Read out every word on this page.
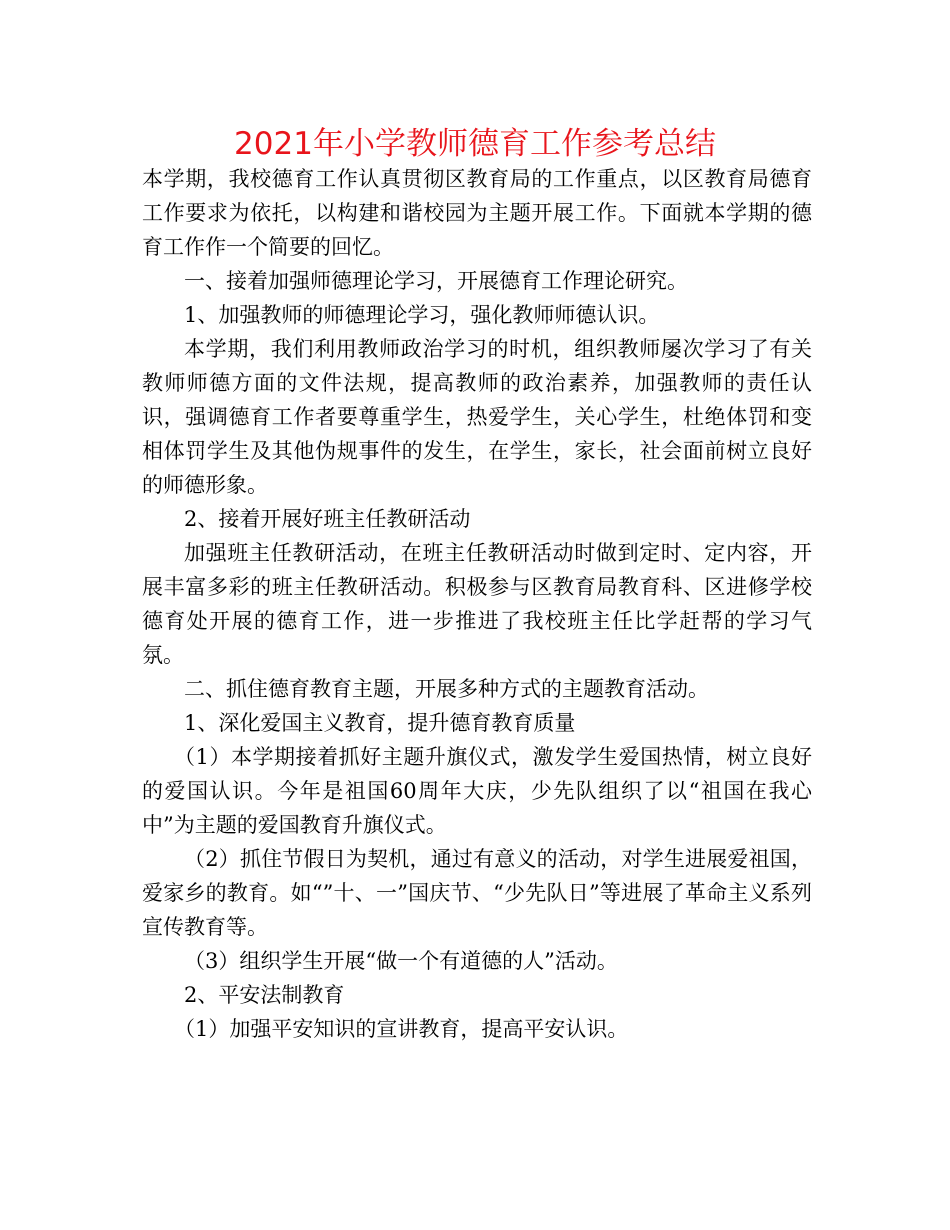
2021年小学教师德育工作参考总结

本学期，我校德育工作认真贯彻区教育局的工作重点，以区教育局德育工作要求为依托，以构建和谐校园为主题开展工作。下面就本学期的德育工作作一个简要的回忆。

一、接着加强师德理论学习，开展德育工作理论研究。

1、加强教师的师德理论学习，强化教师师德认识。

本学期，我们利用教师政治学习的时机，组织教师屡次学习了有关教师师德方面的文件法规，提高教师的政治素养，加强教师的责任认识，强调德育工作者要尊重学生，热爱学生，关心学生，杜绝体罚和变相体罚学生及其他伪规事件的发生，在学生，家长，社会面前树立良好的师德形象。

2、接着开展好班主任教研活动

加强班主任教研活动，在班主任教研活动时做到定时、定内容，开展丰富多彩的班主任教研活动。积极参与区教育局教育科、区进修学校德育处开展的德育工作，进一步推进了我校班主任比学赶帮的学习气氛。

二、抓住德育教育主题，开展多种方式的主题教育活动。

1、深化爱国主义教育，提升德育教育质量

（1）本学期接着抓好主题升旗仪式，激发学生爱国热情，树立良好的爱国认识。今年是祖国60周年大庆，少先队组织了以“祖国在我心中”为主题的爱国教育升旗仪式。

（2）抓住节假日为契机，通过有意义的活动，对学生进展爱祖国，爱家乡的教育。如“”十、一”国庆节、“少先队日”等进展了革命主义系列宣传教育等。

（3）组织学生开展“做一个有道德的人”活动。

2、平安法制教育

（1）加强平安知识的宣讲教育，提高平安认识。
